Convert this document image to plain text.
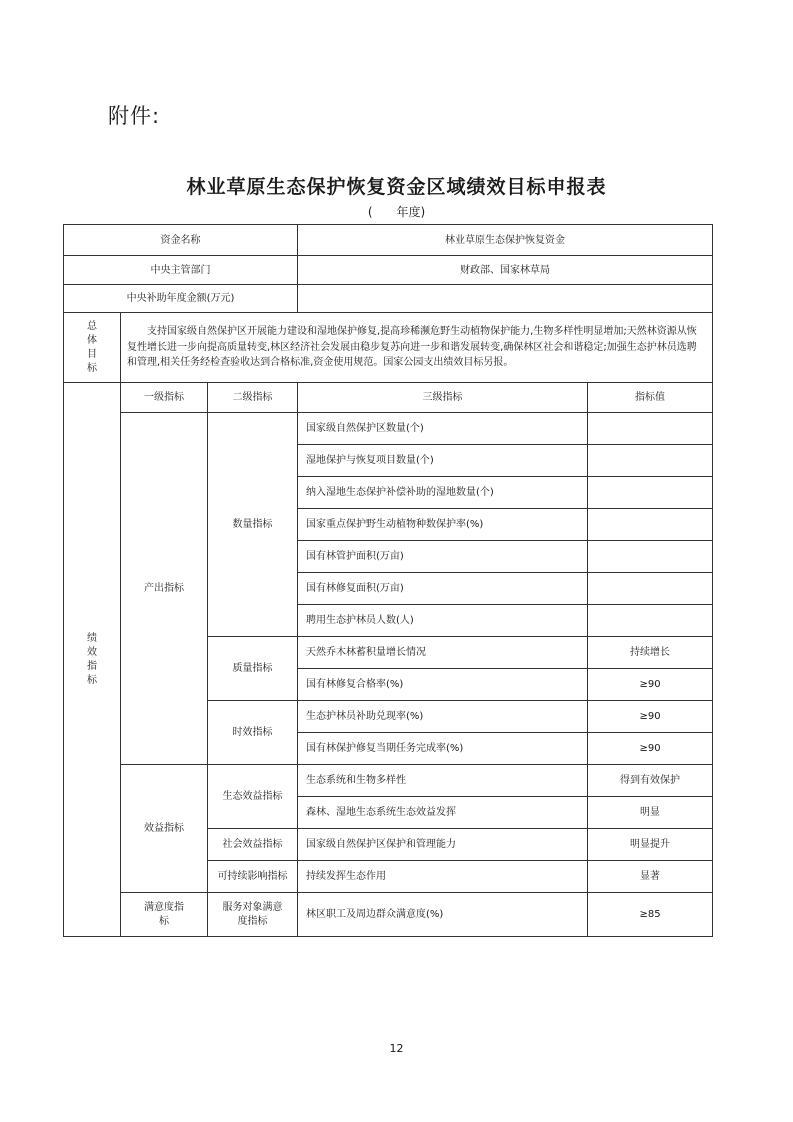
附件:
林业草原生态保护恢复资金区域绩效目标申报表
(　　年度)
资金名称			林业草原生态保护恢复资金	
中央主管部门			财政部、国家林草局	
中央补助年度金额(万元)				
总体目标	支持国家级自然保护区开展能力建设和湿地保护修复,提高珍稀濒危野生动植物保护能力,生物多样性明显增加;天然林资源从恢复性增长进一步向提高质量转变,林区经济社会发展由稳步复苏向进一步和谐发展转变,确保林区社会和谐稳定;加强生态护林员选聘和管理,相关任务经检查验收达到合格标准,资金使用规范。国家公园支出绩效目标另报。			
绩效指标	一级指标	二级指标	三级指标	指标值
	产出指标	数量指标	国家级自然保护区数量(个)	
			湿地保护与恢复项目数量(个)	
			纳入湿地生态保护补偿补助的湿地数量(个)	
			国家重点保护野生动植物种数保护率(%)	
			国有林管护面积(万亩)	
			国有林修复面积(万亩)	
			聘用生态护林员人数(人)	
		质量指标	天然乔木林蓄积量增长情况	持续增长
			国有林修复合格率(%)	≥90
		时效指标	生态护林员补助兑现率(%)	≥90
			国有林保护修复当期任务完成率(%)	≥90
	效益指标	生态效益指标	生态系统和生物多样性	得到有效保护
			森林、湿地生态系统生态效益发挥	明显
		社会效益指标	国家级自然保护区保护和管理能力	明显提升
		可持续影响指标	持续发挥生态作用	显著
	满意度指标	服务对象满意度指标	林区职工及周边群众满意度(%)	≥85
12
